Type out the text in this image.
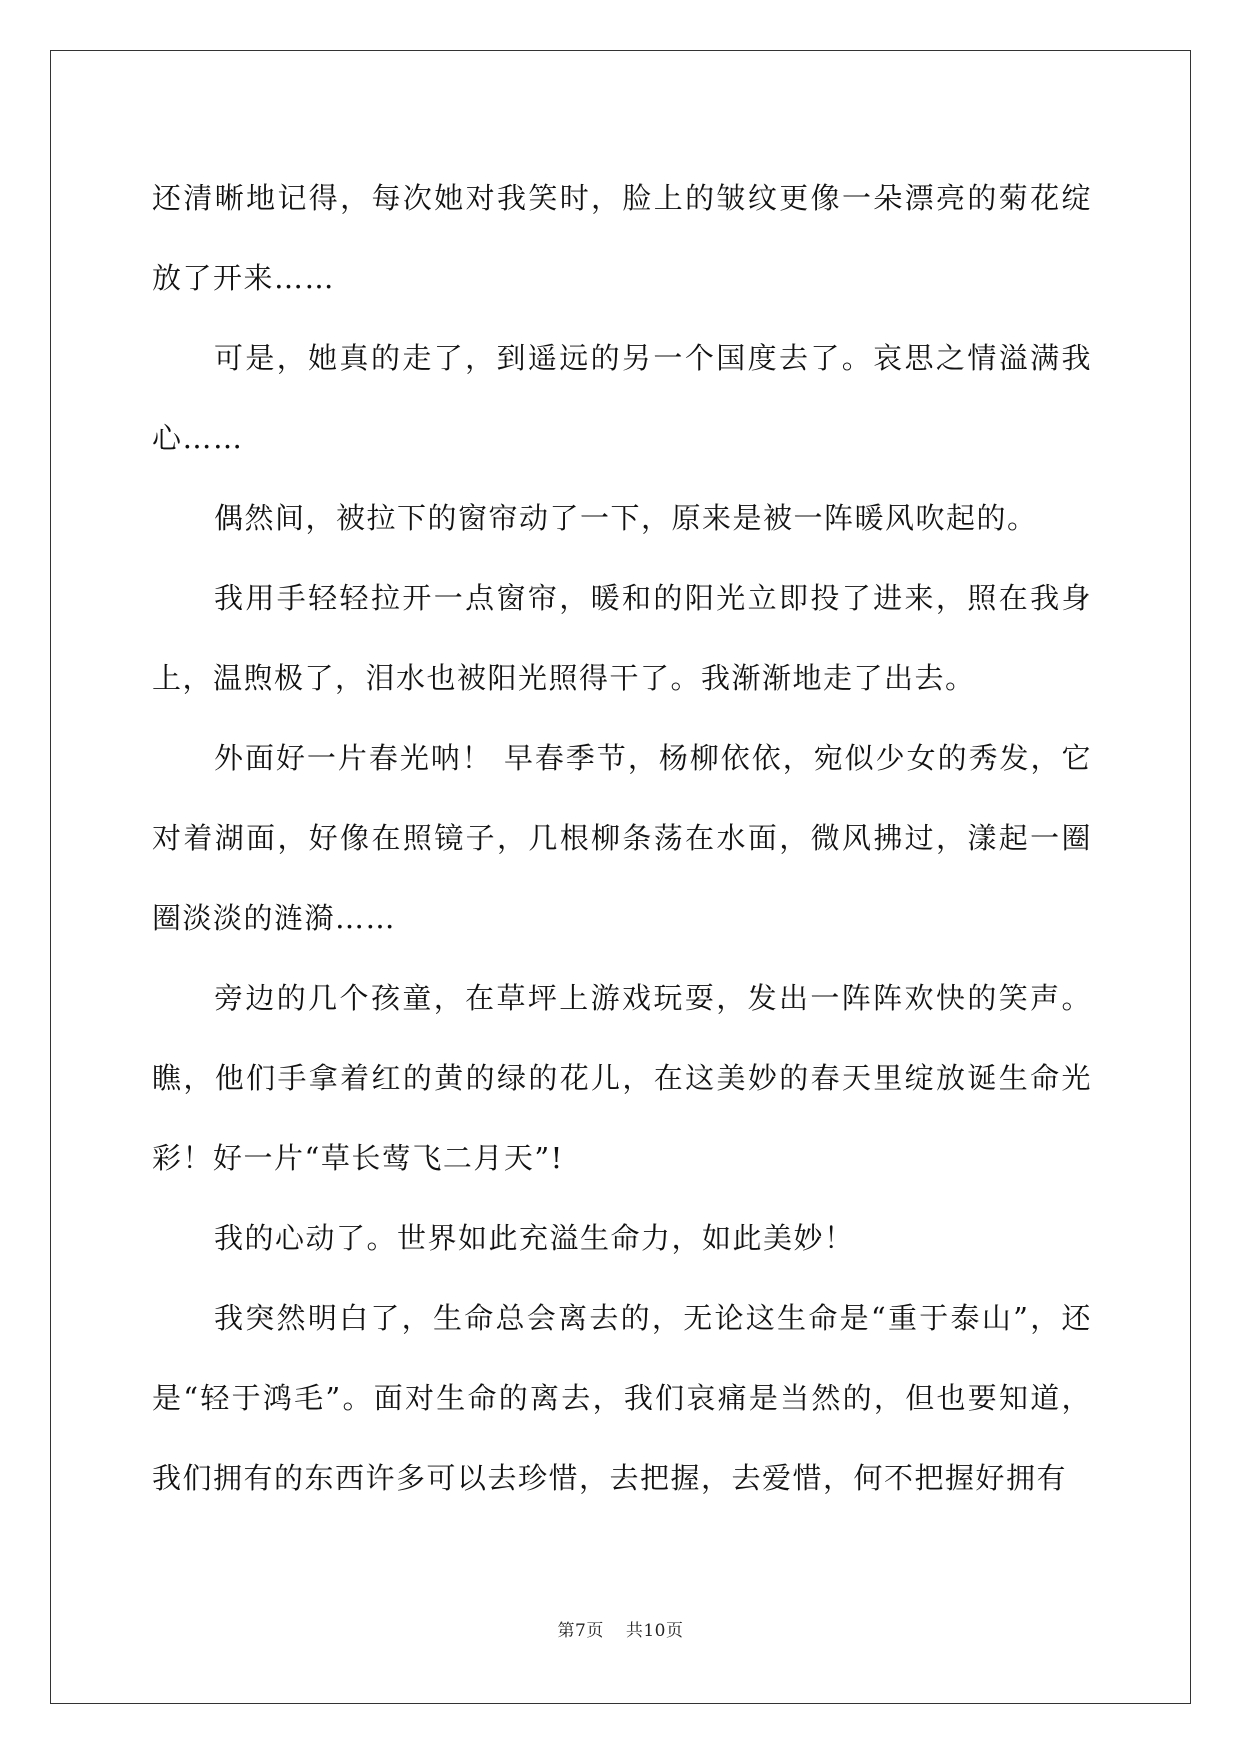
还清晰地记得，每次她对我笑时，脸上的皱纹更像一朵漂亮的菊花绽放了开来……

可是，她真的走了，到遥远的另一个国度去了。哀思之情溢满我心……

偶然间，被拉下的窗帘动了一下，原来是被一阵暖风吹起的。

我用手轻轻拉开一点窗帘，暖和的阳光立即投了进来，照在我身上，温煦极了，泪水也被阳光照得干了。我渐渐地走了出去。

外面好一片春光呐！ 早春季节，杨柳依依，宛似少女的秀发，它对着湖面，好像在照镜子，几根柳条荡在水面，微风拂过，漾起一圈圈淡淡的涟漪……

旁边的几个孩童，在草坪上游戏玩耍，发出一阵阵欢快的笑声。瞧，他们手拿着红的黄的绿的花儿，在这美妙的春天里绽放诞生命光彩！好一片“草长莺飞二月天”!

我的心动了。世界如此充溢生命力，如此美妙！

我突然明白了，生命总会离去的，无论这生命是“重于泰山”，还是“轻于鸿毛”。面对生命的离去，我们哀痛是当然的，但也要知道，我们拥有的东西许多可以去珍惜，去把握，去爱惜，何不把握好拥有

第7页 共10页
